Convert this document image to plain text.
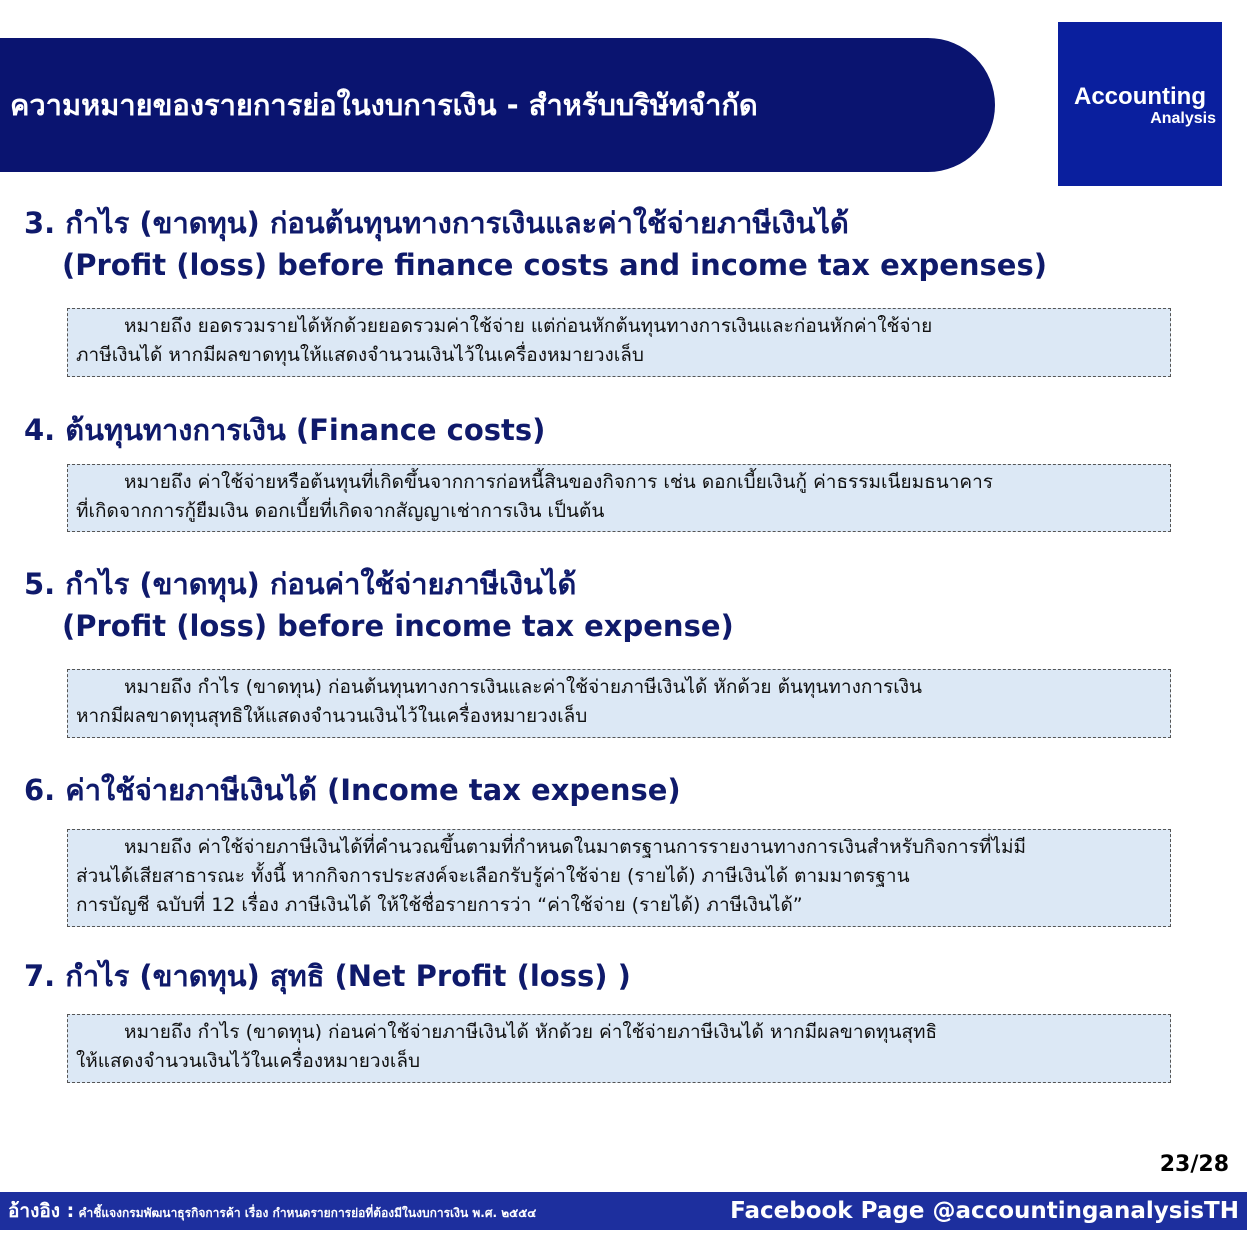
ความหมายของรายการย่อในงบการเงิน - สำหรับบริษัทจำกัด	Accounting
Analysis
3. กำไร (ขาดทุน) ก่อนต้นทุนทางการเงินและค่าใช้จ่ายภาษีเงินได้
(Profit (loss) before finance costs and income tax expenses)
หมายถึง ยอดรวมรายได้หักด้วยยอดรวมค่าใช้จ่าย แต่ก่อนหักต้นทุนทางการเงินและก่อนหักค่าใช้จ่าย
ภาษีเงินได้ หากมีผลขาดทุนให้แสดงจำนวนเงินไว้ในเครื่องหมายวงเล็บ
4. ต้นทุนทางการเงิน (Finance costs)
หมายถึง ค่าใช้จ่ายหรือต้นทุนที่เกิดขึ้นจากการก่อหนี้สินของกิจการ เช่น ดอกเบี้ยเงินกู้ ค่าธรรมเนียมธนาคาร
ที่เกิดจากการกู้ยืมเงิน ดอกเบี้ยที่เกิดจากสัญญาเช่าการเงิน เป็นต้น
5. กำไร (ขาดทุน) ก่อนค่าใช้จ่ายภาษีเงินได้
(Profit (loss) before income tax expense)
หมายถึง กำไร (ขาดทุน) ก่อนต้นทุนทางการเงินและค่าใช้จ่ายภาษีเงินได้ หักด้วย ต้นทุนทางการเงิน
หากมีผลขาดทุนสุทธิให้แสดงจำนวนเงินไว้ในเครื่องหมายวงเล็บ
6. ค่าใช้จ่ายภาษีเงินได้ (Income tax expense)
หมายถึง ค่าใช้จ่ายภาษีเงินได้ที่คำนวณขึ้นตามที่กำหนดในมาตรฐานการรายงานทางการเงินสำหรับกิจการที่ไม่มี
ส่วนได้เสียสาธารณะ ทั้งนี้ หากกิจการประสงค์จะเลือกรับรู้ค่าใช้จ่าย (รายได้) ภาษีเงินได้ ตามมาตรฐาน
การบัญชี ฉบับที่ 12 เรื่อง ภาษีเงินได้ ให้ใช้ชื่อรายการว่า “ค่าใช้จ่าย (รายได้) ภาษีเงินได้”
7. กำไร (ขาดทุน) สุทธิ (Net Profit (loss) )
หมายถึง กำไร (ขาดทุน) ก่อนค่าใช้จ่ายภาษีเงินได้ หักด้วย ค่าใช้จ่ายภาษีเงินได้ หากมีผลขาดทุนสุทธิ
ให้แสดงจำนวนเงินไว้ในเครื่องหมายวงเล็บ
23/28
อ้างอิง : คำชี้แจงกรมพัฒนาธุรกิจการค้า เรื่อง กำหนดรายการย่อที่ต้องมีในงบการเงิน พ.ศ. ๒๕๕๔	Facebook Page @accountinganalysisTH
